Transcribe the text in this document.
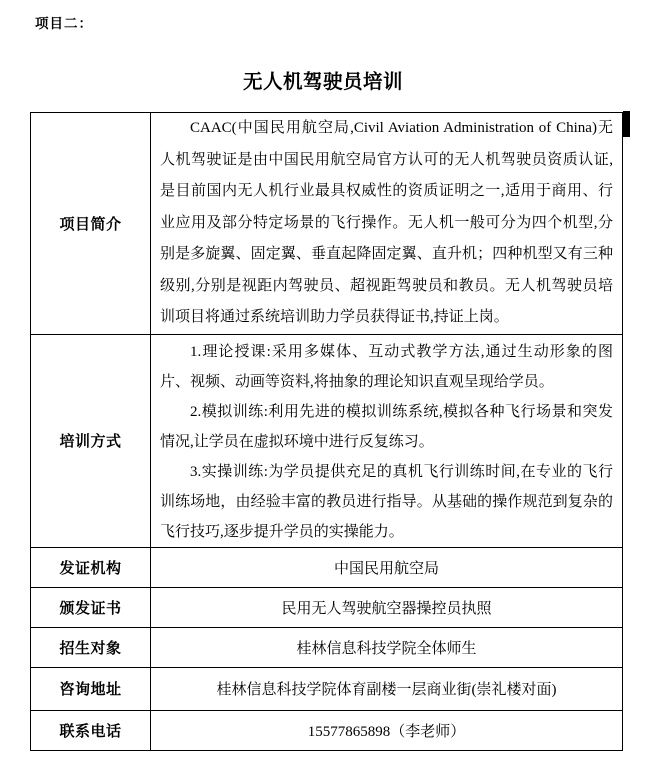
项目二：
无人机驾驶员培训
项目简介	CAAC(中国民用航空局,Civil Aviation Administration of China)无人机驾驶证是由中国民用航空局官方认可的无人机驾驶员资质认证,是目前国内无人机行业最具权威性的资质证明之一,适用于商用、行业应用及部分特定场景的飞行操作。无人机一般可分为四个机型,分别是多旋翼、固定翼、垂直起降固定翼、直升机；四种机型又有三种级别,分别是视距内驾驶员、超视距驾驶员和教员。无人机驾驶员培训项目将通过系统培训助力学员获得证书,持证上岗。

培训方式	1.理论授课:采用多媒体、互动式教学方法,通过生动形象的图片、视频、动画等资料,将抽象的理论知识直观呈现给学员。

2.模拟训练:利用先进的模拟训练系统,模拟各种飞行场景和突发情况,让学员在虚拟环境中进行反复练习。

3.实操训练:为学员提供充足的真机飞行训练时间,在专业的飞行训练场地，由经验丰富的教员进行指导。从基础的操作规范到复杂的飞行技巧,逐步提升学员的实操能力。

发证机构	中国民用航空局
颁发证书	民用无人驾驶航空器操控员执照
招生对象	桂林信息科技学院全体师生
咨询地址	桂林信息科技学院体育副楼一层商业街(崇礼楼对面)
联系电话	15577865898（李老师）
